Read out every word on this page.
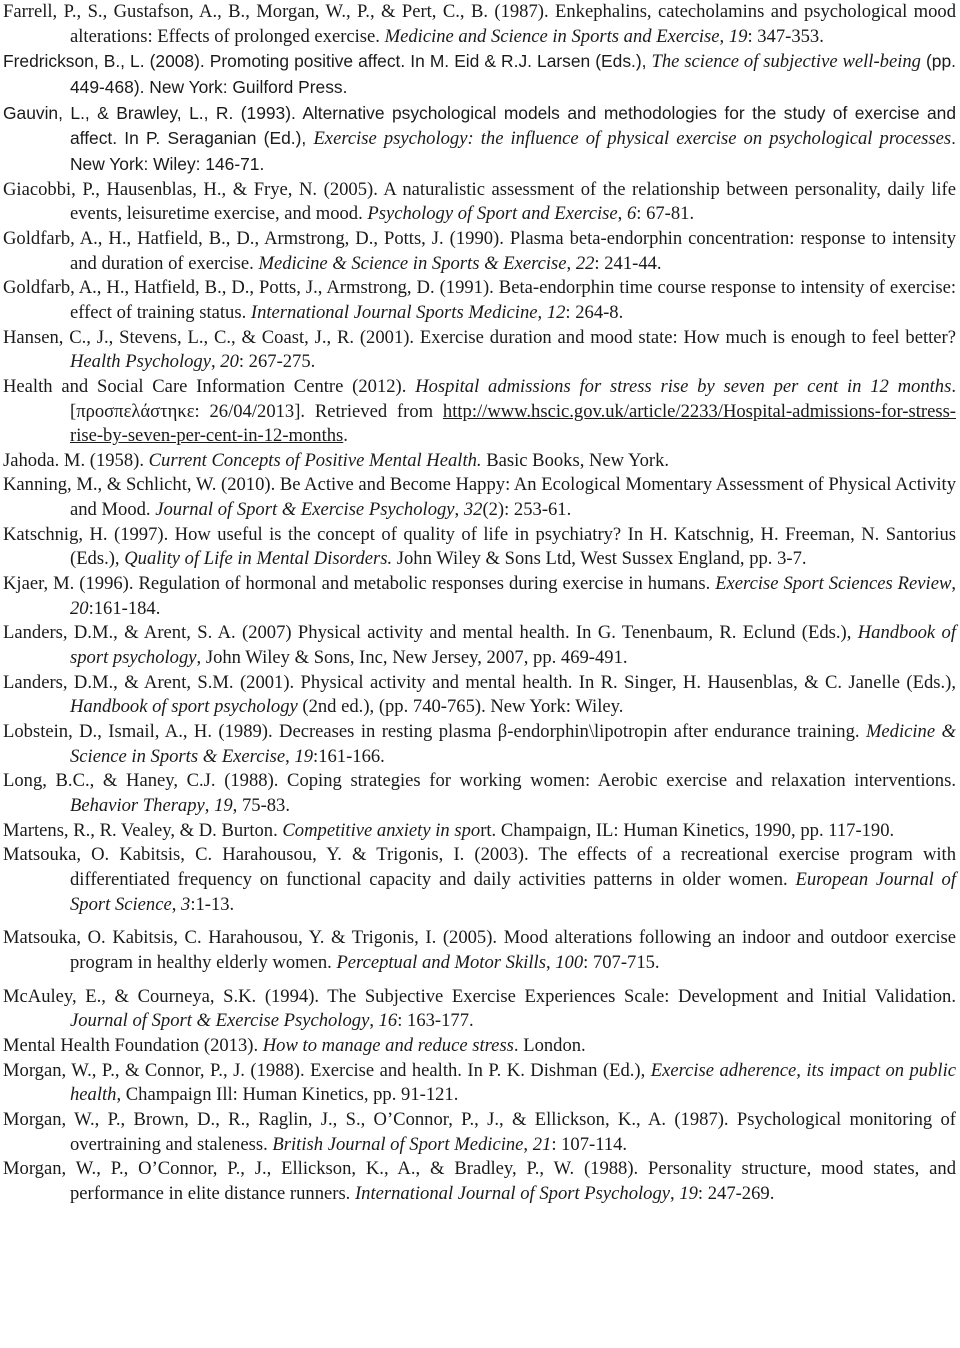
Farrell, P., S., Gustafson, A., B., Morgan, W., P., & Pert, C., B. (1987). Enkephalins, catecholamins and psychological mood alterations: Effects of prolonged exercise. Medicine and Science in Sports and Exercise, 19: 347-353.

Fredrickson, B., L. (2008). Promoting positive affect. In M. Eid & R.J. Larsen (Eds.), The science of subjective well-being (pp. 449-468). New York: Guilford Press.

Gauvin, L., & Brawley, L., R. (1993). Alternative psychological models and methodologies for the study of exercise and affect. In P. Seraganian (Ed.), Exercise psychology: the influence of physical exercise on psychological processes. New York: Wiley: 146-71.

Giacobbi, P., Hausenblas, H., & Frye, N. (2005). A naturalistic assessment of the relationship between personality, daily life events, leisuretime exercise, and mood. Psychology of Sport and Exercise, 6: 67-81.

Goldfarb, A., H., Hatfield, B., D., Armstrong, D., Potts, J. (1990). Plasma beta-endorphin concentration: response to intensity and duration of exercise. Medicine & Science in Sports & Exercise, 22: 241-44.

Goldfarb, A., H., Hatfield, B., D., Potts, J., Armstrong, D. (1991). Beta-endorphin time course response to intensity of exercise: effect of training status. International Journal Sports Medicine, 12: 264-8.

Hansen, C., J., Stevens, L., C., & Coast, J., R. (2001). Exercise duration and mood state: How much is enough to feel better? Health Psychology, 20: 267-275.

Health and Social Care Information Centre (2012). Hospital admissions for stress rise by seven per cent in 12 months. [προσπελάστηκε: 26/04/2013]. Retrieved from http://www.hscic.gov.uk/article/2233/Hospital-admissions-for-stress-rise-by-seven-per-cent-in-12-months.

Jahoda. M. (1958). Current Concepts of Positive Mental Health. Basic Books, New York.

Kanning, M., & Schlicht, W. (2010). Be Active and Become Happy: An Ecological Momentary Assessment of Physical Activity and Mood. Journal of Sport & Exercise Psychology, 32(2): 253-61.

Katschnig, H. (1997). How useful is the concept of quality of life in psychiatry? In H. Katschnig, H. Freeman, N. Santorius (Eds.), Quality of Life in Mental Disorders. John Wiley & Sons Ltd, West Sussex England, pp. 3-7.

Kjaer, M. (1996). Regulation of hormonal and metabolic responses during exercise in humans. Exercise Sport Sciences Review, 20:161-184.

Landers, D.M., & Arent, S. A. (2007) Physical activity and mental health. In G. Tenenbaum, R. Eclund (Eds.), Handbook of sport psychology, John Wiley & Sons, Inc, New Jersey, 2007, pp. 469-491.

Landers, D.M., & Arent, S.M. (2001). Physical activity and mental health. In R. Singer, H. Hausenblas, & C. Janelle (Eds.), Handbook of sport psychology (2nd ed.), (pp. 740-765). New York: Wiley.

Lobstein, D., Ismail, A., H. (1989). Decreases in resting plasma β-endorphin\lipotropin after endurance training. Medicine & Science in Sports & Exercise, 19:161-166.

Long, B.C., & Haney, C.J. (1988). Coping strategies for working women: Aerobic exercise and relaxation interventions. Behavior Therapy, 19, 75-83.

Martens, R., R. Vealey, & D. Burton. Competitive anxiety in sport. Champaign, IL: Human Kinetics, 1990, pp. 117-190.

Matsouka, O. Kabitsis, C. Harahousou, Y. & Trigonis, I. (2003). The effects of a recreational exercise program with differentiated frequency on functional capacity and daily activities patterns in older women. European Journal of Sport Science, 3:1-13.

Matsouka, O. Kabitsis, C. Harahousou, Y. & Trigonis, I. (2005). Mood alterations following an indoor and outdoor exercise program in healthy elderly women. Perceptual and Motor Skills, 100: 707-715.

McAuley, E., & Courneya, S.K. (1994). The Subjective Exercise Experiences Scale: Development and Initial Validation. Journal of Sport & Exercise Psychology, 16: 163-177.

Mental Health Foundation (2013). How to manage and reduce stress. London.

Morgan, W., P., & Connor, P., J. (1988). Exercise and health. In P. K. Dishman (Ed.), Exercise adherence, its impact on public health, Champaign Ill: Human Kinetics, pp. 91-121.

Morgan, W., P., Brown, D., R., Raglin, J., S., O’Connor, P., J., & Ellickson, K., A. (1987). Psychological monitoring of overtraining and staleness. British Journal of Sport Medicine, 21: 107-114.

Morgan, W., P., O’Connor, P., J., Ellickson, K., A., & Bradley, P., W. (1988). Personality structure, mood states, and performance in elite distance runners. International Journal of Sport Psychology, 19: 247-269.
